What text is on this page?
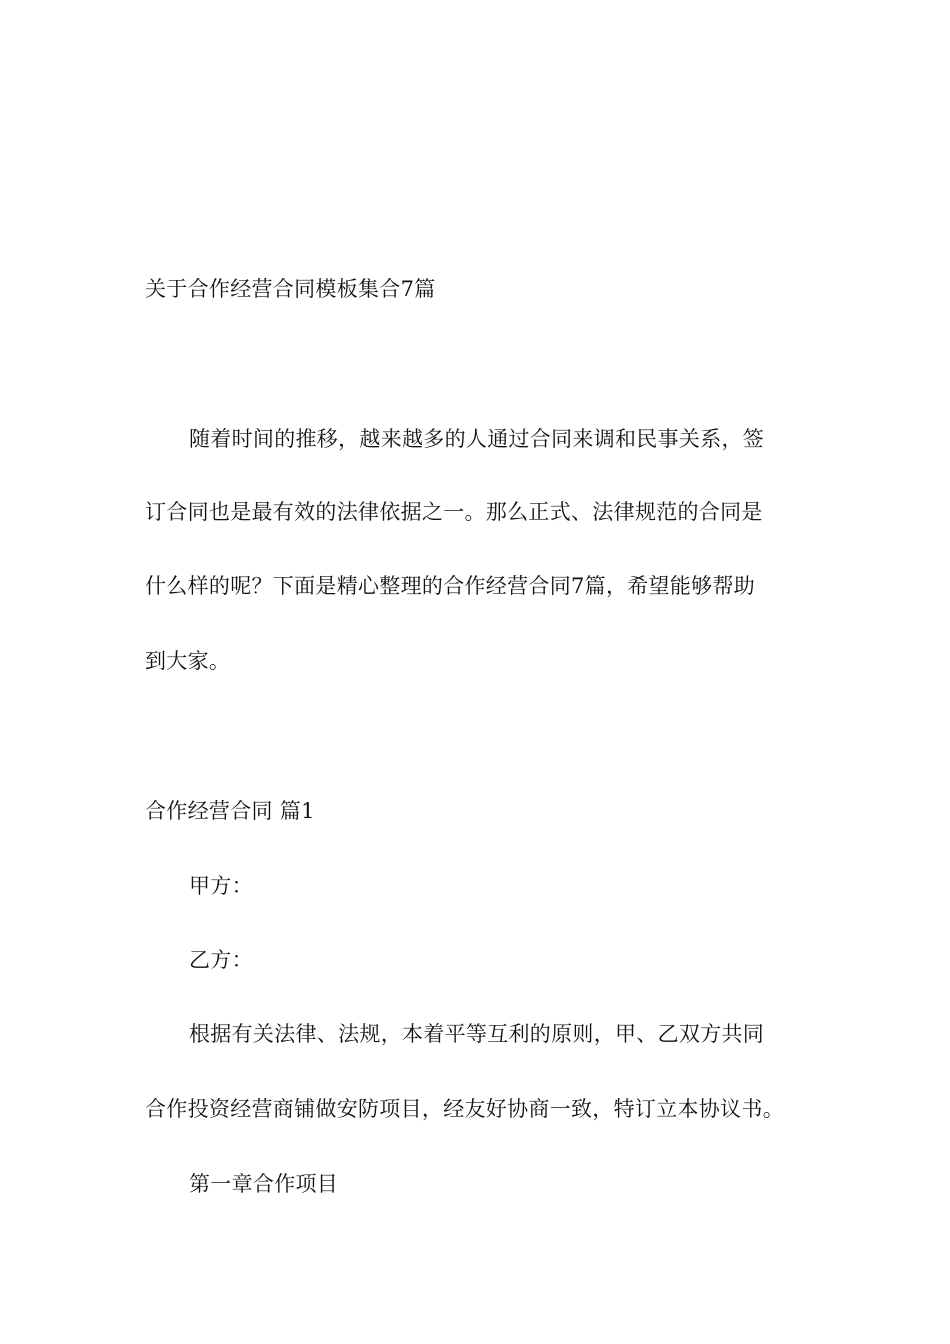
关于合作经营合同模板集合7篇
随着时间的推移，越来越多的人通过合同来调和民事关系，签
订合同也是最有效的法律依据之一。那么正式、法律规范的合同是
什么样的呢？下面是精心整理的合作经营合同7篇，希望能够帮助
到大家。
合作经营合同 篇1
甲方：
乙方：
根据有关法律、法规，本着平等互利的原则，甲、乙双方共同
合作投资经营商铺做安防项目，经友好协商一致，特订立本协议书。
第一章合作项目
